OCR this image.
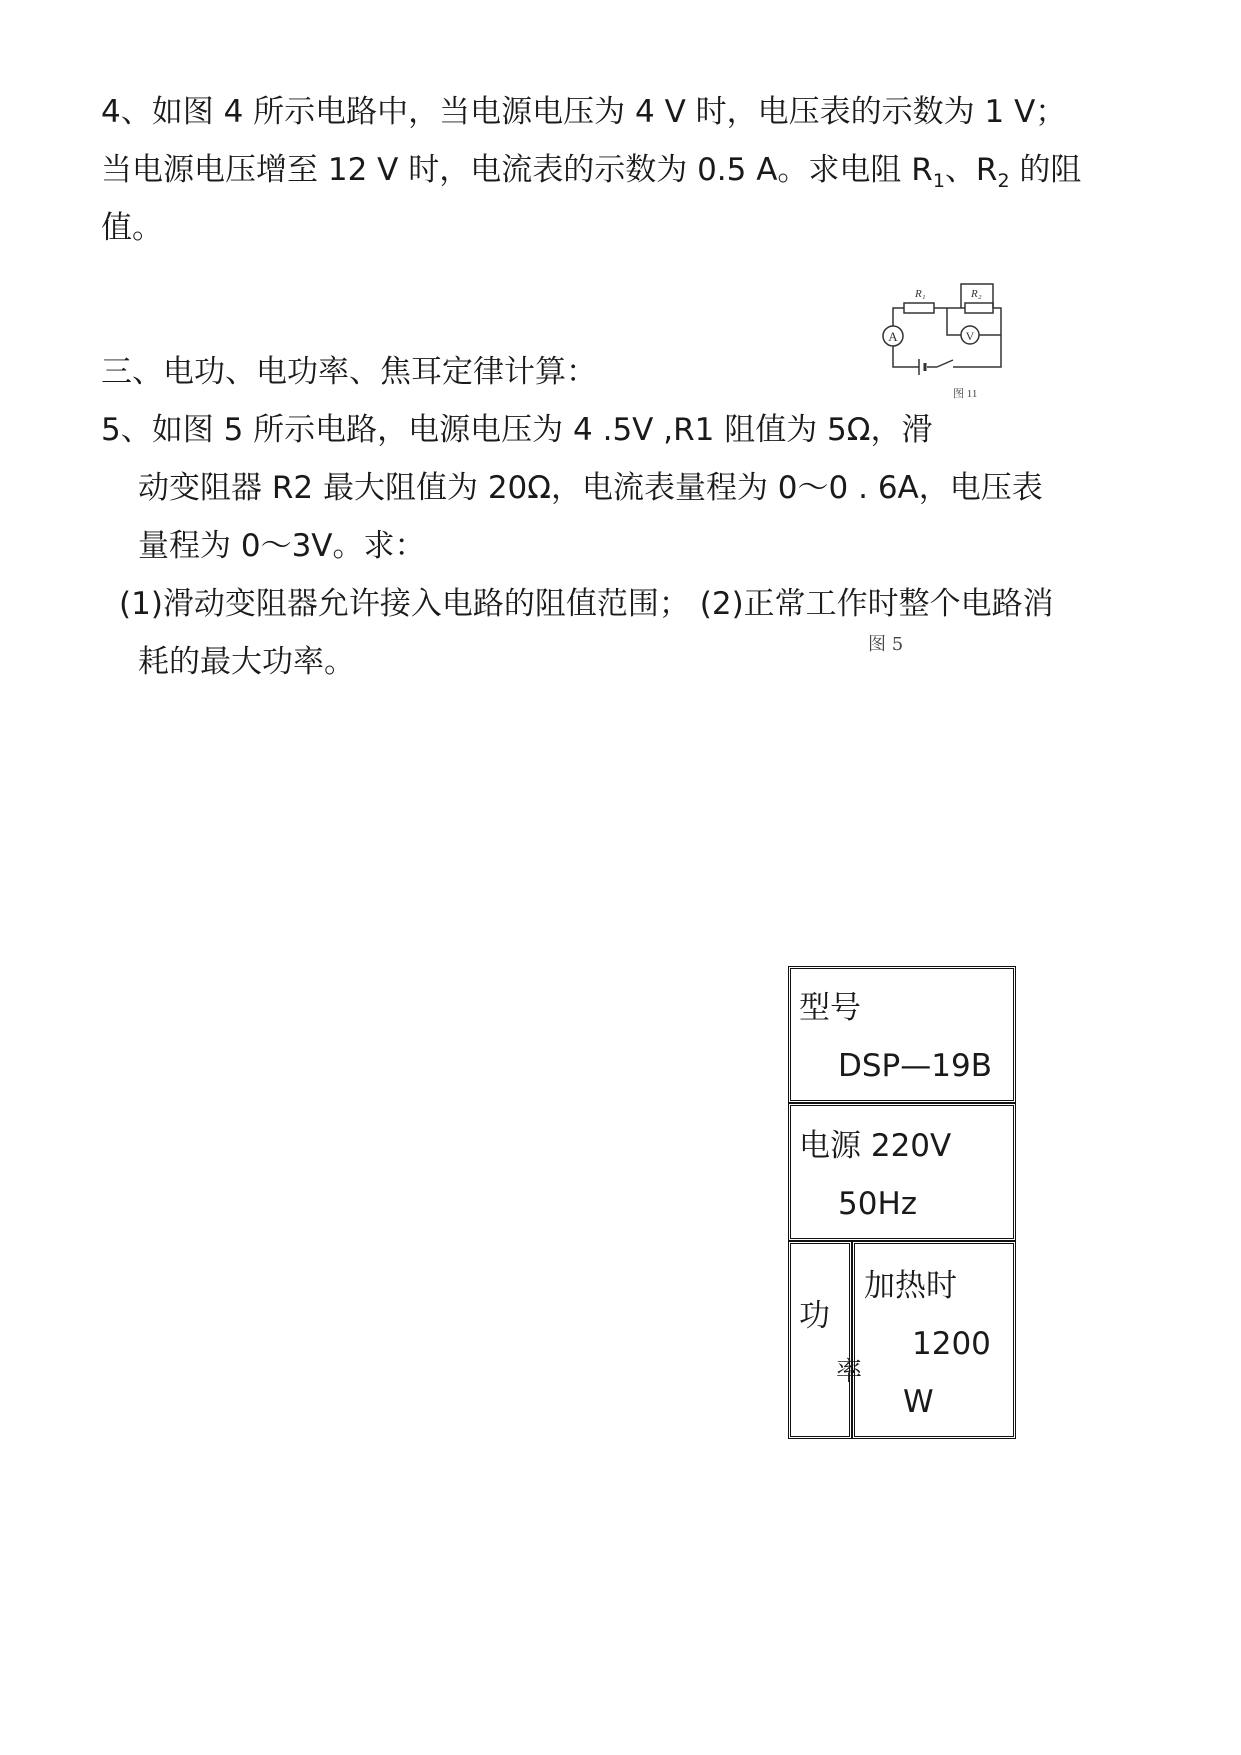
4、如图 4 所示电路中，当电源电压为 4 V 时，电压表的示数为 1 V；
当电源电压增至 12 V 时，电流表的示数为 0.5 A。求电阻 $R_1$、$R_2$ 的阻
值。
A	V
R₁	R₂
图 11
三、电功、电功率、焦耳定律计算：
5、如图 5 所示电路，电源电压为 4 .5V ,R1 阻值为 5Ω，滑
动变阻器 R2 最大阻值为 20Ω，电流表量程为 0～0 . 6A，电压表
量程为 0～3V。求：
(1)滑动变阻器允许接入电路的阻值范围； (2)正常工作时整个电路消
图 5
耗的最大功率。
型号
DSP—19B
电源 220V
50Hz
功
率
加热时
1200
W
